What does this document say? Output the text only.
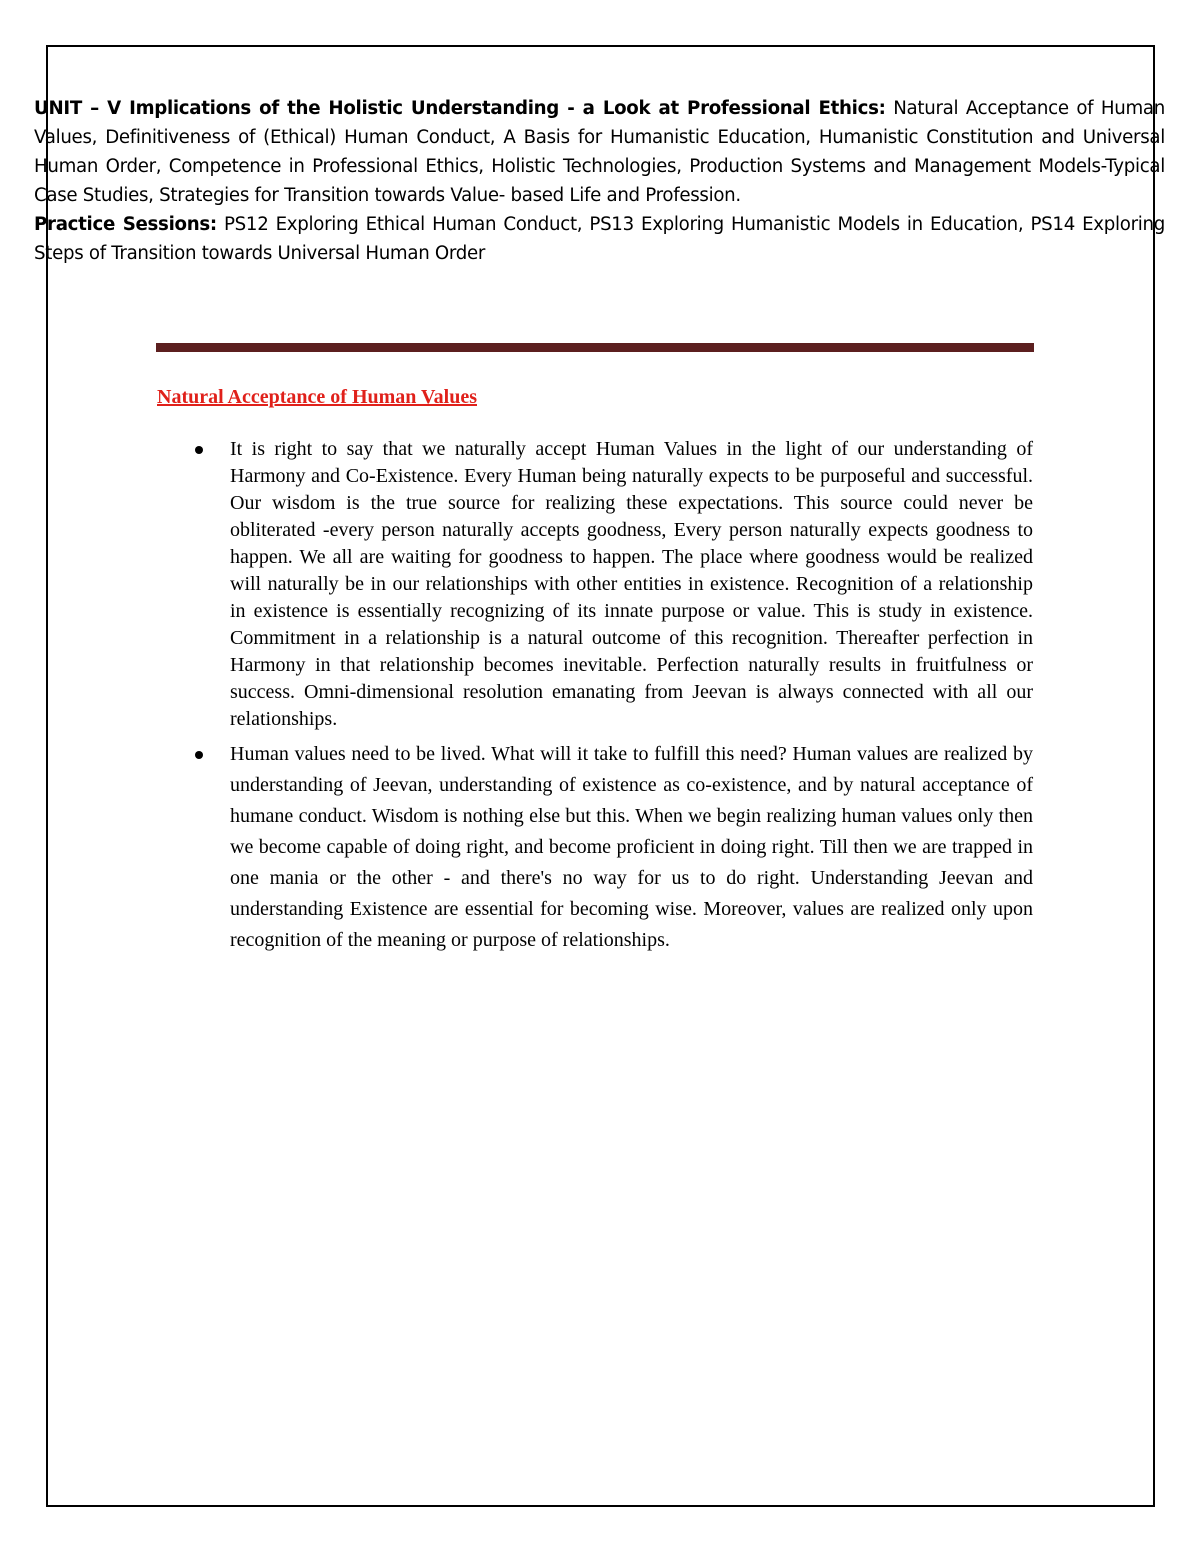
UNIT – V Implications of the Holistic Understanding - a Look at Professional Ethics: Natural Acceptance of Human Values, Definitiveness of (Ethical) Human Conduct, A Basis for Humanistic Education, Humanistic Constitution and Universal Human Order, Competence in Professional Ethics, Holistic Technologies, Production Systems and Management Models-Typical Case Studies, Strategies for Transition towards Value- based Life and Profession.

Practice Sessions: PS12 Exploring Ethical Human Conduct, PS13 Exploring Humanistic Models in Education, PS14 Exploring Steps of Transition towards Universal Human Order

Natural Acceptance of Human Values
It is right to say that we naturally accept Human Values in the light of our understanding of Harmony and Co-Existence. Every Human being naturally expects to be purposeful and successful. Our wisdom is the true source for realizing these expectations. This source could never be obliterated -every person naturally accepts goodness, Every person naturally expects goodness to happen. We all are waiting for goodness to happen. The place where goodness would be realized will naturally be in our relationships with other entities in existence. Recognition of a relationship in existence is essentially recognizing of its innate purpose or value. This is study in existence. Commitment in a relationship is a natural outcome of this recognition. Thereafter perfection in Harmony in that relationship becomes inevitable. Perfection naturally results in fruitfulness or success. Omni-dimensional resolution emanating from Jeevan is always connected with all our relationships.
Human values need to be lived. What will it take to fulfill this need? Human values are realized by understanding of Jeevan, understanding of existence as co-existence, and by natural acceptance of humane conduct. Wisdom is nothing else but this. When we begin realizing human values only then we become capable of doing right, and become proficient in doing right. Till then we are trapped in one mania or the other - and there's no way for us to do right. Understanding Jeevan and understanding Existence are essential for becoming wise. Moreover, values are realized only upon recognition of the meaning or purpose of relationships.
